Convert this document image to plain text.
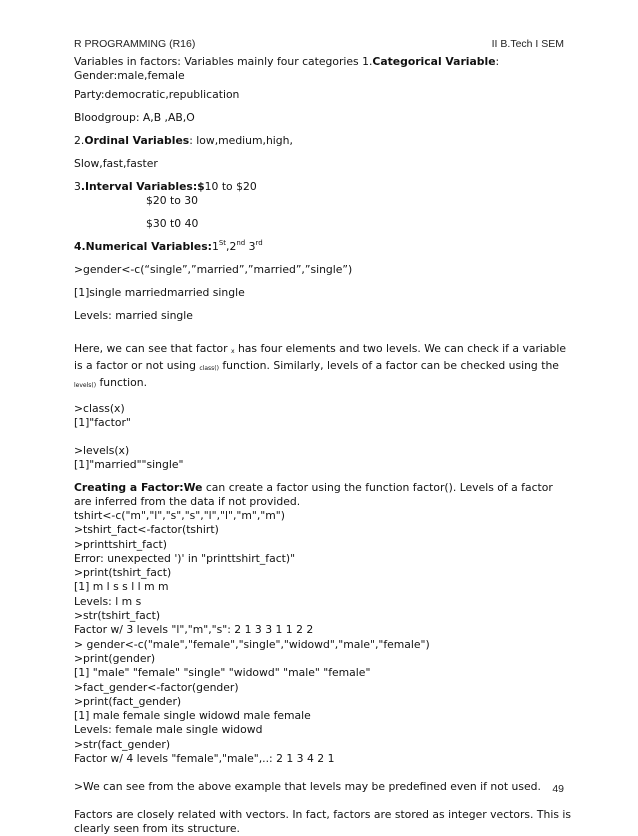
R PROGRAMMING (R16)	II B.Tech I SEM

Variables in factors: Variables mainly four categories 1.Categorical Variable:

Gender:male,female

Party:democratic,republication

Bloodgroup: A,B ,AB,O

2.Ordinal Variables: low,medium,high,

Slow,fast,faster

3.Interval Variables:$10 to $20

$20 to 30

$30 t0 40

4.Numerical Variables:1St,2nd 3rd

>gender<-c(“single”,”married”,”married”,”single”)

[1]single marriedmarried single

Levels: married single

Here, we can see that factor x has four elements and two levels. We can check if a variable is a factor or not using class() function. Similarly, levels of a factor can be checked using the levels() function.

>class(x)

[1]"factor"

>levels(x)

[1]"married""single"

Creating a Factor:We can create a factor using the function factor(). Levels of a factor are inferred from the data if not provided.

tshirt<-c("m","l","s","s","l","l","m","m")

>tshirt_fact<-factor(tshirt)

>printtshirt_fact)

Error: unexpected ')' in "printtshirt_fact)"

>print(tshirt_fact)

[1] m l s s l l m m

Levels: l m s

>str(tshirt_fact)

Factor w/ 3 levels "l","m","s": 2 1 3 3 1 1 2 2

> gender<-c("male","female","single","widowd","male","female")

>print(gender)

[1] "male" "female" "single" "widowd" "male" "female"

>fact_gender<-factor(gender)

>print(fact_gender)

[1] male female single widowd male female

Levels: female male single widowd

>str(fact_gender)

Factor w/ 4 levels "female","male",..: 2 1 3 4 2 1

>We can see from the above example that levels may be predefined even if not used.

Factors are closely related with vectors. In fact, factors are stored as integer vectors. This is clearly seen from its structure.

49
